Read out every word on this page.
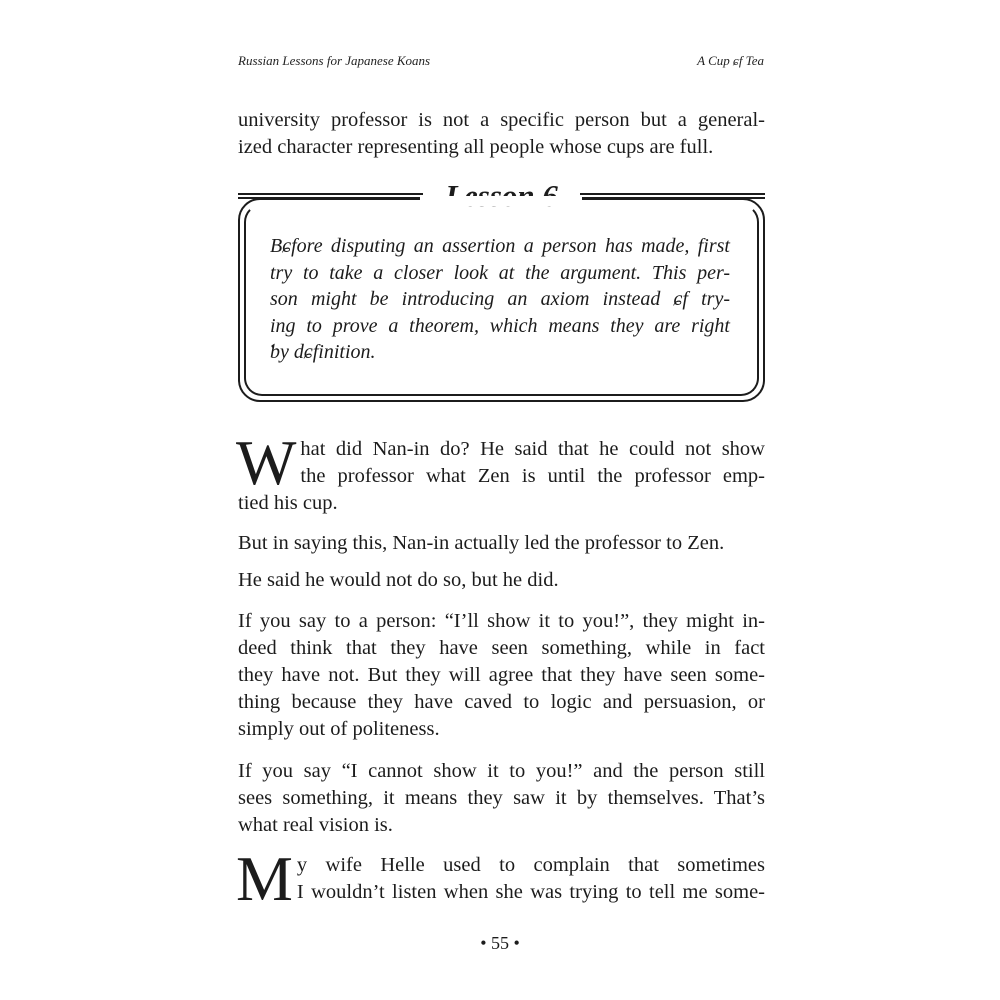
Russian Lessons for Japanese Koans	A Cup ɕf Tea

university professor is not a specific person but a general-
ized character representing all people whose cups are full.

Bɕfore disputing an assertion a person has made, first
try to take a closer look at the argument. This per-
son might be introducing an axiom instead ɕf try-
ing to prove a theorem, which means they are right
ƅy dɕfinition.
W hat did Nan-in do? He said that he could not show
the professor what Zen is until the professor emp-
tied his cup.

But in saying this, Nan-in actually led the professor to Zen.

He said he would not do so, but he did.

If you say to a person: “I’ll show it to you!”, they might in-
deed think that they have seen something, while in fact
they have not. But they will agree that they have seen some-
thing because they have caved to logic and persuasion, or
simply out of politeness.

If you say “I cannot show it to you!” and the person still
sees something, it means they saw it by themselves. That’s
what real vision is.

M y wife Helle used to complain that sometimes
I wouldn’t listen when she was trying to tell me some-
• 55 •
